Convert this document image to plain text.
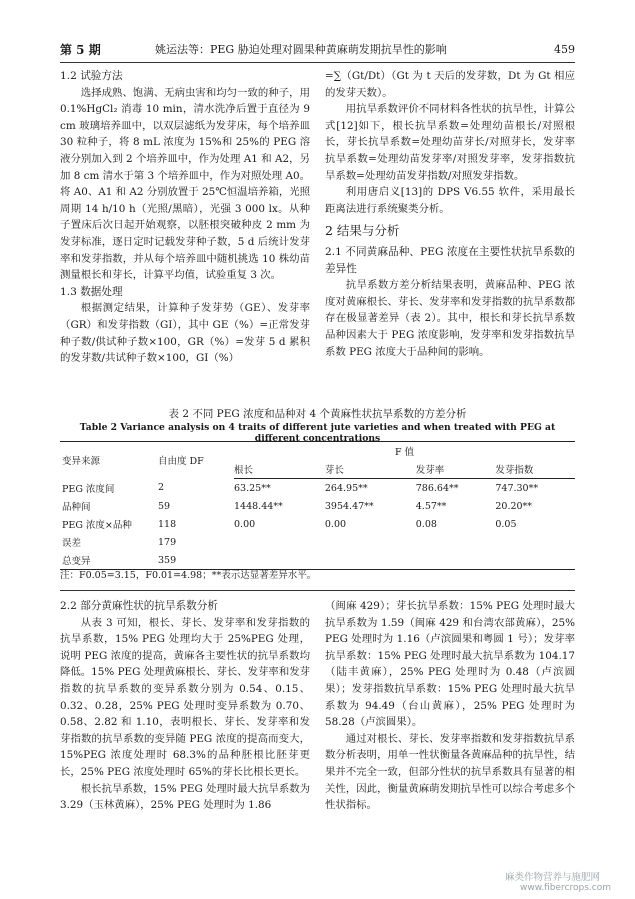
第 5 期	姚运法等：PEG 胁迫处理对圆果种黄麻萌发期抗旱性的影响	459

1.2 试验方法

选择成熟、饱满、无病虫害和均匀一致的种子，用 0.1%HgCl₂ 消毒 10 min，清水洗净后置于直径为 9 cm 玻璃培养皿中，以双层滤纸为发芽床，每个培养皿 30 粒种子，将 8 mL 浓度为 15%和 25%的 PEG 溶液分别加入到 2 个培养皿中，作为处理 A1 和 A2，另加 8 cm 清水于第 3 个培养皿中，作为对照处理 A0。将 A0、A1 和 A2 分别放置于 25℃恒温培养箱，光照周期 14 h/10 h（光照/黑暗），光强 3 000 lx。从种子置床后次日起开始观察，以胚根突破种皮 2 mm 为发芽标准，逐日定时记载发芽种子数，5 d 后统计发芽率和发芽指数，并从每个培养皿中随机挑选 10 株幼苗测量根长和芽长，计算平均值，试验重复 3 次。

1.3 数据处理

根据测定结果，计算种子发芽势（GE）、发芽率（GR）和发芽指数（GI），其中 GE（%）=正常发芽种子数/供试种子数×100，GR（%）=发芽 5 d 累积的发芽数/共试种子数×100，GI（%）

=∑（Gt/Dt）（Gt 为 t 天后的发芽数，Dt 为 Gt 相应的发芽天数）。

用抗旱系数评价不同材料各性状的抗旱性，计算公式[12]如下，根长抗旱系数=处理幼苗根长/对照根长，芽长抗旱系数=处理幼苗芽长/对照芽长，发芽率抗旱系数=处理幼苗发芽率/对照发芽率，发芽指数抗旱系数=处理幼苗发芽指数/对照发芽指数。

利用唐启义[13]的 DPS V6.55 软件，采用最长距离法进行系统聚类分析。

2 结果与分析

2.1 不同黄麻品种、PEG 浓度在主要性状抗旱系数的差异性

抗旱系数方差分析结果表明，黄麻品种、PEG 浓度对黄麻根长、芽长、发芽率和发芽指数的抗旱系数都存在极显著差异（表 2）。其中，根长和芽长抗旱系数品种因素大于 PEG 浓度影响，发芽率和发芽指数抗旱系数 PEG 浓度大于品种间的影响。

表 2 不同 PEG 浓度和品种对 4 个黄麻性状抗旱系数的方差分析
Table 2 Variance analysis on 4 traits of different jute varieties and when treated with PEG at different concentrations
变异来源	自由度 DF	F 值			
		根长	芽长	发芽率	发芽指数
PEG 浓度间	2	63.25**	264.95**	786.64**	747.30**
品种间	59	1448.44**	3954.47**	4.57**	20.20**
PEG 浓度×品种	118	0.00	0.00	0.08	0.05
误差	179				
总变异	359				
注：F0.05=3.15，F0.01=4.98；**表示达显著差异水平。

2.2 部分黄麻性状的抗旱系数分析

从表 3 可知，根长、芽长、发芽率和发芽指数的抗旱系数，15% PEG 处理均大于 25%PEG 处理，说明 PEG 浓度的提高，黄麻各主要性状的抗旱系数均降低。15% PEG 处理黄麻根长、芽长、发芽率和发芽指数的抗旱系数的变异系数分别为 0.54、0.15、0.32、0.28，25% PEG 处理时变异系数为 0.70、0.58、2.82 和 1.10，表明根长、芽长、发芽率和发芽指数的抗旱系数的变异随 PEG 浓度的提高而变大，15%PEG 浓度处理时 68.3%的品种胚根比胚芽更长，25% PEG 浓度处理时 65%的芽长比根长更长。

根长抗旱系数，15% PEG 处理时最大抗旱系数为 3.29（玉林黄麻），25% PEG 处理时为 1.86

（闽麻 429）；芽长抗旱系数：15% PEG 处理时最大抗旱系数为 1.59（闽麻 429 和台湾农部黄麻），25% PEG 处理时为 1.16（卢滨圆果和粤圆 1 号）；发芽率抗旱系数：15% PEG 处理时最大抗旱系数为 104.17（陆丰黄麻），25% PEG 处理时为 0.48（卢滨圆果）；发芽指数抗旱系数：15% PEG 处理时最大抗旱系数为 94.49（台山黄麻），25% PEG 处理时为 58.28（卢滨圆果）。

通过对根长、芽长、发芽率指数和发芽指数抗旱系数分析表明，用单一性状衡量各黄麻品种的抗旱性，结果并不完全一致，但部分性状的抗旱系数具有显著的相关性，因此，衡量黄麻萌发期抗旱性可以综合考虑多个性状指标。

麻类作物营养与施肥网
www.fibercrops.com
